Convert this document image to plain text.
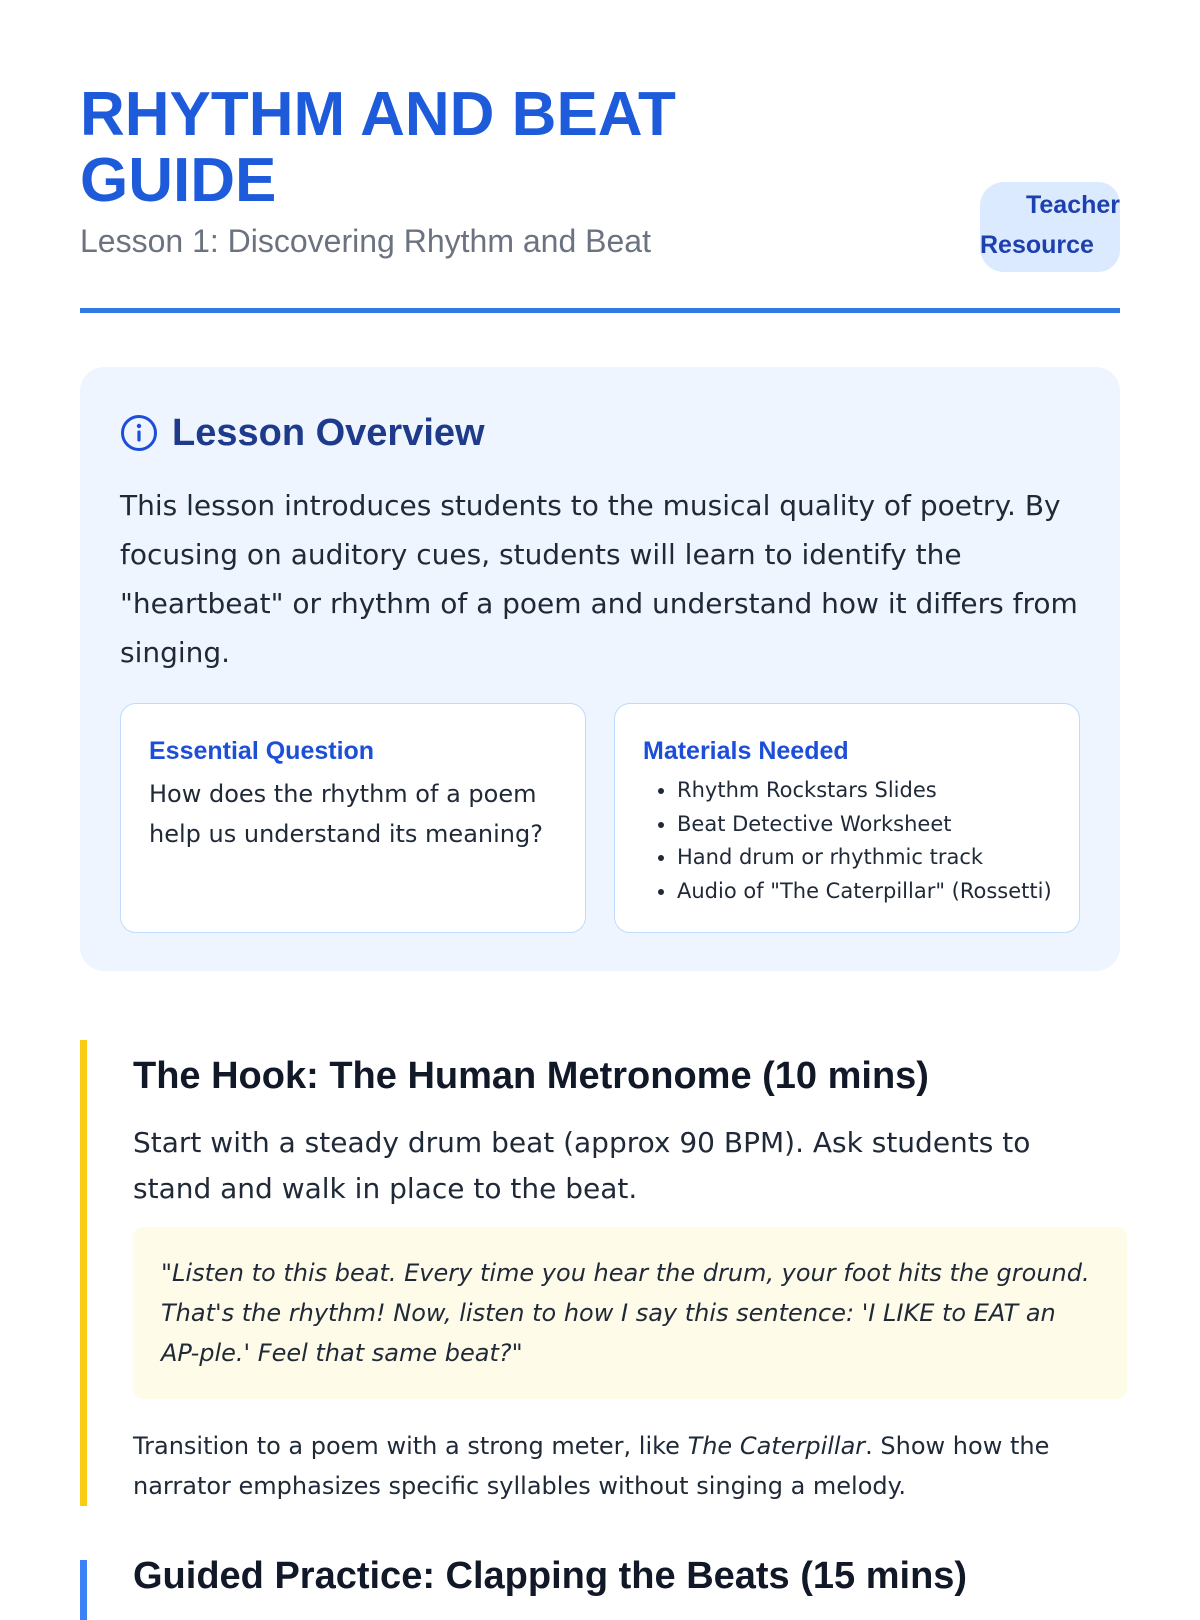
RHYTHM AND BEAT GUIDE

Lesson 1: Discovering Rhythm and Beat

Teacher
Resource
Lesson Overview

This lesson introduces students to the musical quality of poetry. By focusing on auditory cues, students will learn to identify the "heartbeat" or rhythm of a poem and understand how it differs from singing.

Essential Question

How does the rhythm of a poem help us understand its meaning?

Materials Needed
• Rhythm Rockstars Slides
• Beat Detective Worksheet
• Hand drum or rhythmic track
• Audio of "The Caterpillar" (Rossetti)
The Hook: The Human Metronome (10 mins)

Start with a steady drum beat (approx 90 BPM). Ask students to stand and walk in place to the beat.

"Listen to this beat. Every time you hear the drum, your foot hits the ground. That's the rhythm! Now, listen to how I say this sentence: 'I LIKE to EAT an AP-ple.' Feel that same beat?"

Transition to a poem with a strong meter, like The Caterpillar. Show how the narrator emphasizes specific syllables without singing a melody.

Guided Practice: Clapping the Beats (15 mins)
